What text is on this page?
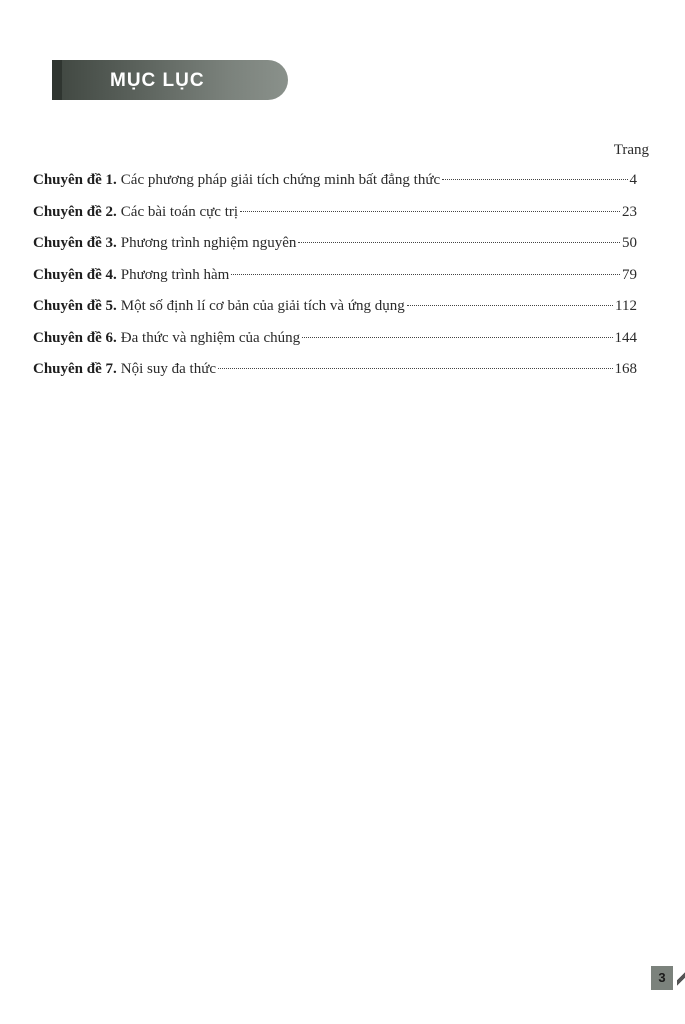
MỤC LỤC
Trang
Chuyên đề 1. Các phương pháp giải tích chứng minh bất đẳng thức	4
Chuyên đề 2. Các bài toán cực trị	23
Chuyên đề 3. Phương trình nghiệm nguyên	50
Chuyên đề 4. Phương trình hàm	79
Chuyên đề 5. Một số định lí cơ bản của giải tích và ứng dụng	112
Chuyên đề 6. Đa thức và nghiệm của chúng	144
Chuyên đề 7. Nội suy đa thức	168
3
